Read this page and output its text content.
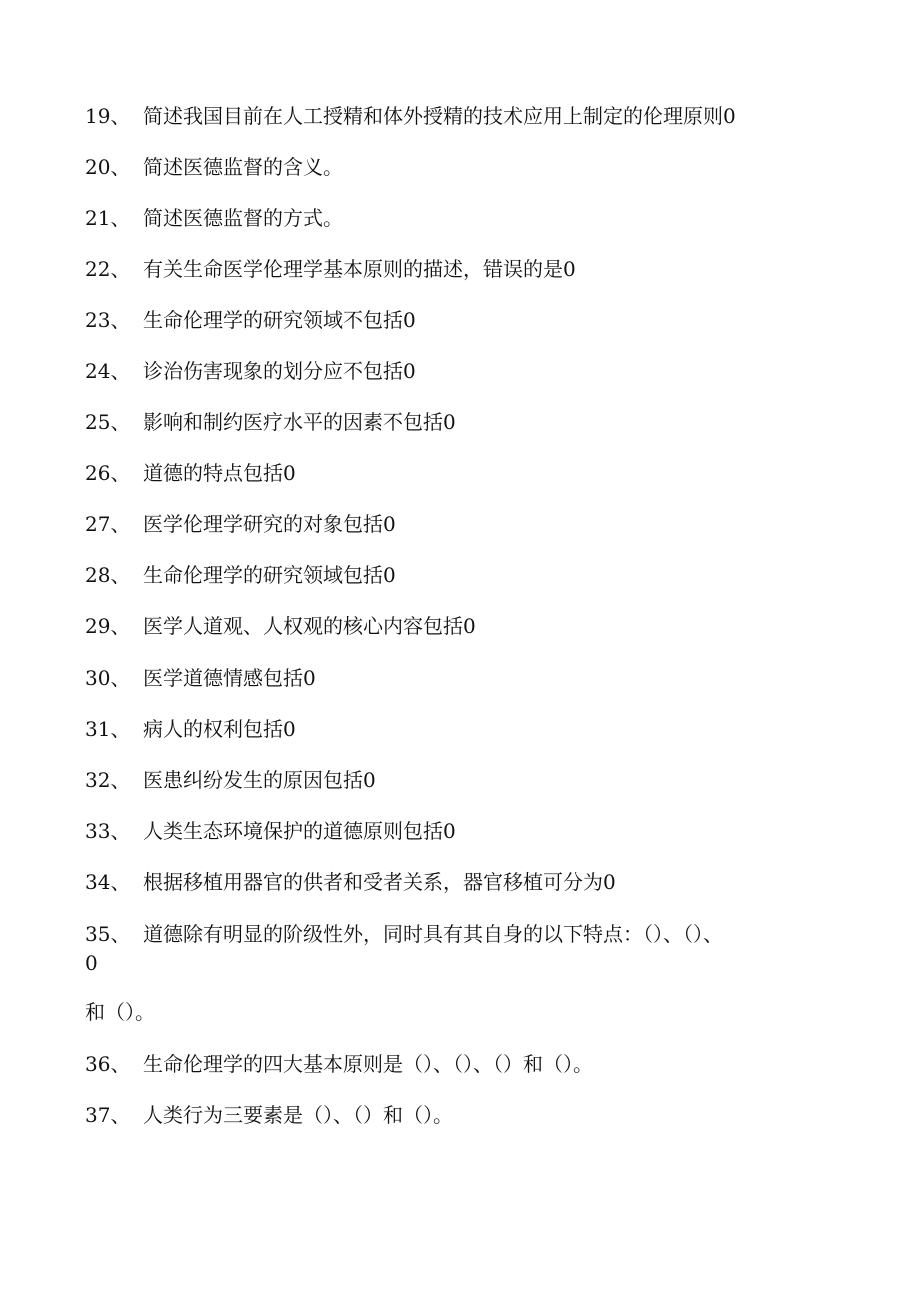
19、 简述我国目前在人工授精和体外授精的技术应用上制定的伦理原则0
20、 简述医德监督的含义。
21、 简述医德监督的方式。
22、 有关生命医学伦理学基本原则的描述，错误的是0
23、 生命伦理学的研究领域不包括0
24、 诊治伤害现象的划分应不包括0
25、 影响和制约医疗水平的因素不包括0
26、 道德的特点包括0
27、 医学伦理学研究的对象包括0
28、 生命伦理学的研究领域包括0
29、 医学人道观、人权观的核心内容包括0
30、 医学道德情感包括0
31、 病人的权利包括0
32、 医患纠纷发生的原因包括0
33、 人类生态环境保护的道德原则包括0
34、 根据移植用器官的供者和受者关系，器官移植可分为0
35、 道德除有明显的阶级性外，同时具有其自身的以下特点：（）、（）、
0
和（）。
36、 生命伦理学的四大基本原则是（）、（）、（）和（）。
37、 人类行为三要素是（）、（）和（）。
